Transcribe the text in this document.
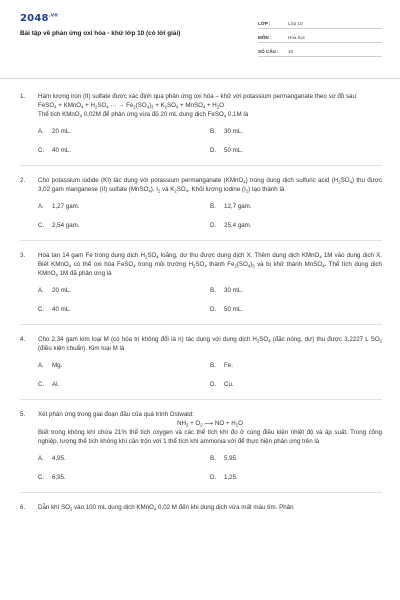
$2048^{.vn}$
Bài tập về phản ứng oxi hóa - khử lớp 10 (có lời giải)
LỚP :	Lớp 10
MÔN :	Hóa học
SỐ CÂU :	10
1. Hàm lượng iron (II) sulfate được xác định qua phản ứng oxi hóa – khử với potassium permanganate theo sơ đồ sau:
FeSO$_4$ + KMnO$_4$ + $H_2SO_4$ ··· → $Fe_2(SO_4)_3 + K_2SO_4$ + MnSO$_4$ + $H_2O$
Thể tích KMnO$_4$ 0,02M để phản ứng vừa đủ 20 mL dung dịch FeSO$_4$ 0,1M là
A.	20 mL.	B.	30 mL.
C.	40 mL.	D.	50 mL.
2. Cho potassium iodide (KI) tác dụng với potassium permanganate (KMnO$_4$) trong dung dịch sulfuric acid $(H_2SO_4)$ thu được 3,02 gam manganese (II) sulfate (MnSO$_4$), $I_2$ và $K_2SO_4$. Khối lượng iodine $(I_2)$ tạo thành là
A.	1,27 gam.	B.	12,7 gam.
C.	2,54 gam.	D.	25,4 gam.
3. Hòa tan 14 gam Fe trong dung dịch $H_2SO_4$ loãng, dư thu được dung dịch X. Thêm dung dịch KMnO$_4$ 1M vào dung dịch X. Biết KMnO$_4$ có thể oxi hóa FeSO$_4$ trong môi trường $H_2SO_4$ thành $Fe_2(SO_4)_3$ và bị khử thành MnSO$_4$. Thể tích dung dịch KMnO$_4$ 1M đã phản ứng là
A.	20 mL.	B.	30 mL.
C.	40 mL.	D.	50 mL.
4. Cho 2,34 gam kim loại M (có hóa trị không đổi là n) tác dụng với dung dịch $H_2SO_4$ (đặc nóng, dư) thu được 3,2227 L $SO_2$ (điều kiện chuẩn). Kim loại M là
A.	Mg.	B.	Fe.
C.	Al.	D.	Cu.
5. Xét phản ứng trong giai đoạn đầu của quá trình Ostwald:
$NH_3 + O_2$ ⟶ NO + $H_2O$
Biết trong không khí chứa 21% thể tích oxygen và các thể tích khí đo ở cùng điều kiện nhiệt độ và áp suất. Trong công nghiệp, lượng thể tích không khí cần trộn với 1 thể tích khí ammonia với để thực hiện phản ứng trên là
A.	4,95.	B.	5,95.
C.	6,95.	D.	1,25.
6. Dẫn khí $SO_2$ vào 100 mL dung dịch KMnO$_4$ 0,02 M đến khi dung dịch vừa mất màu tím. Phản
